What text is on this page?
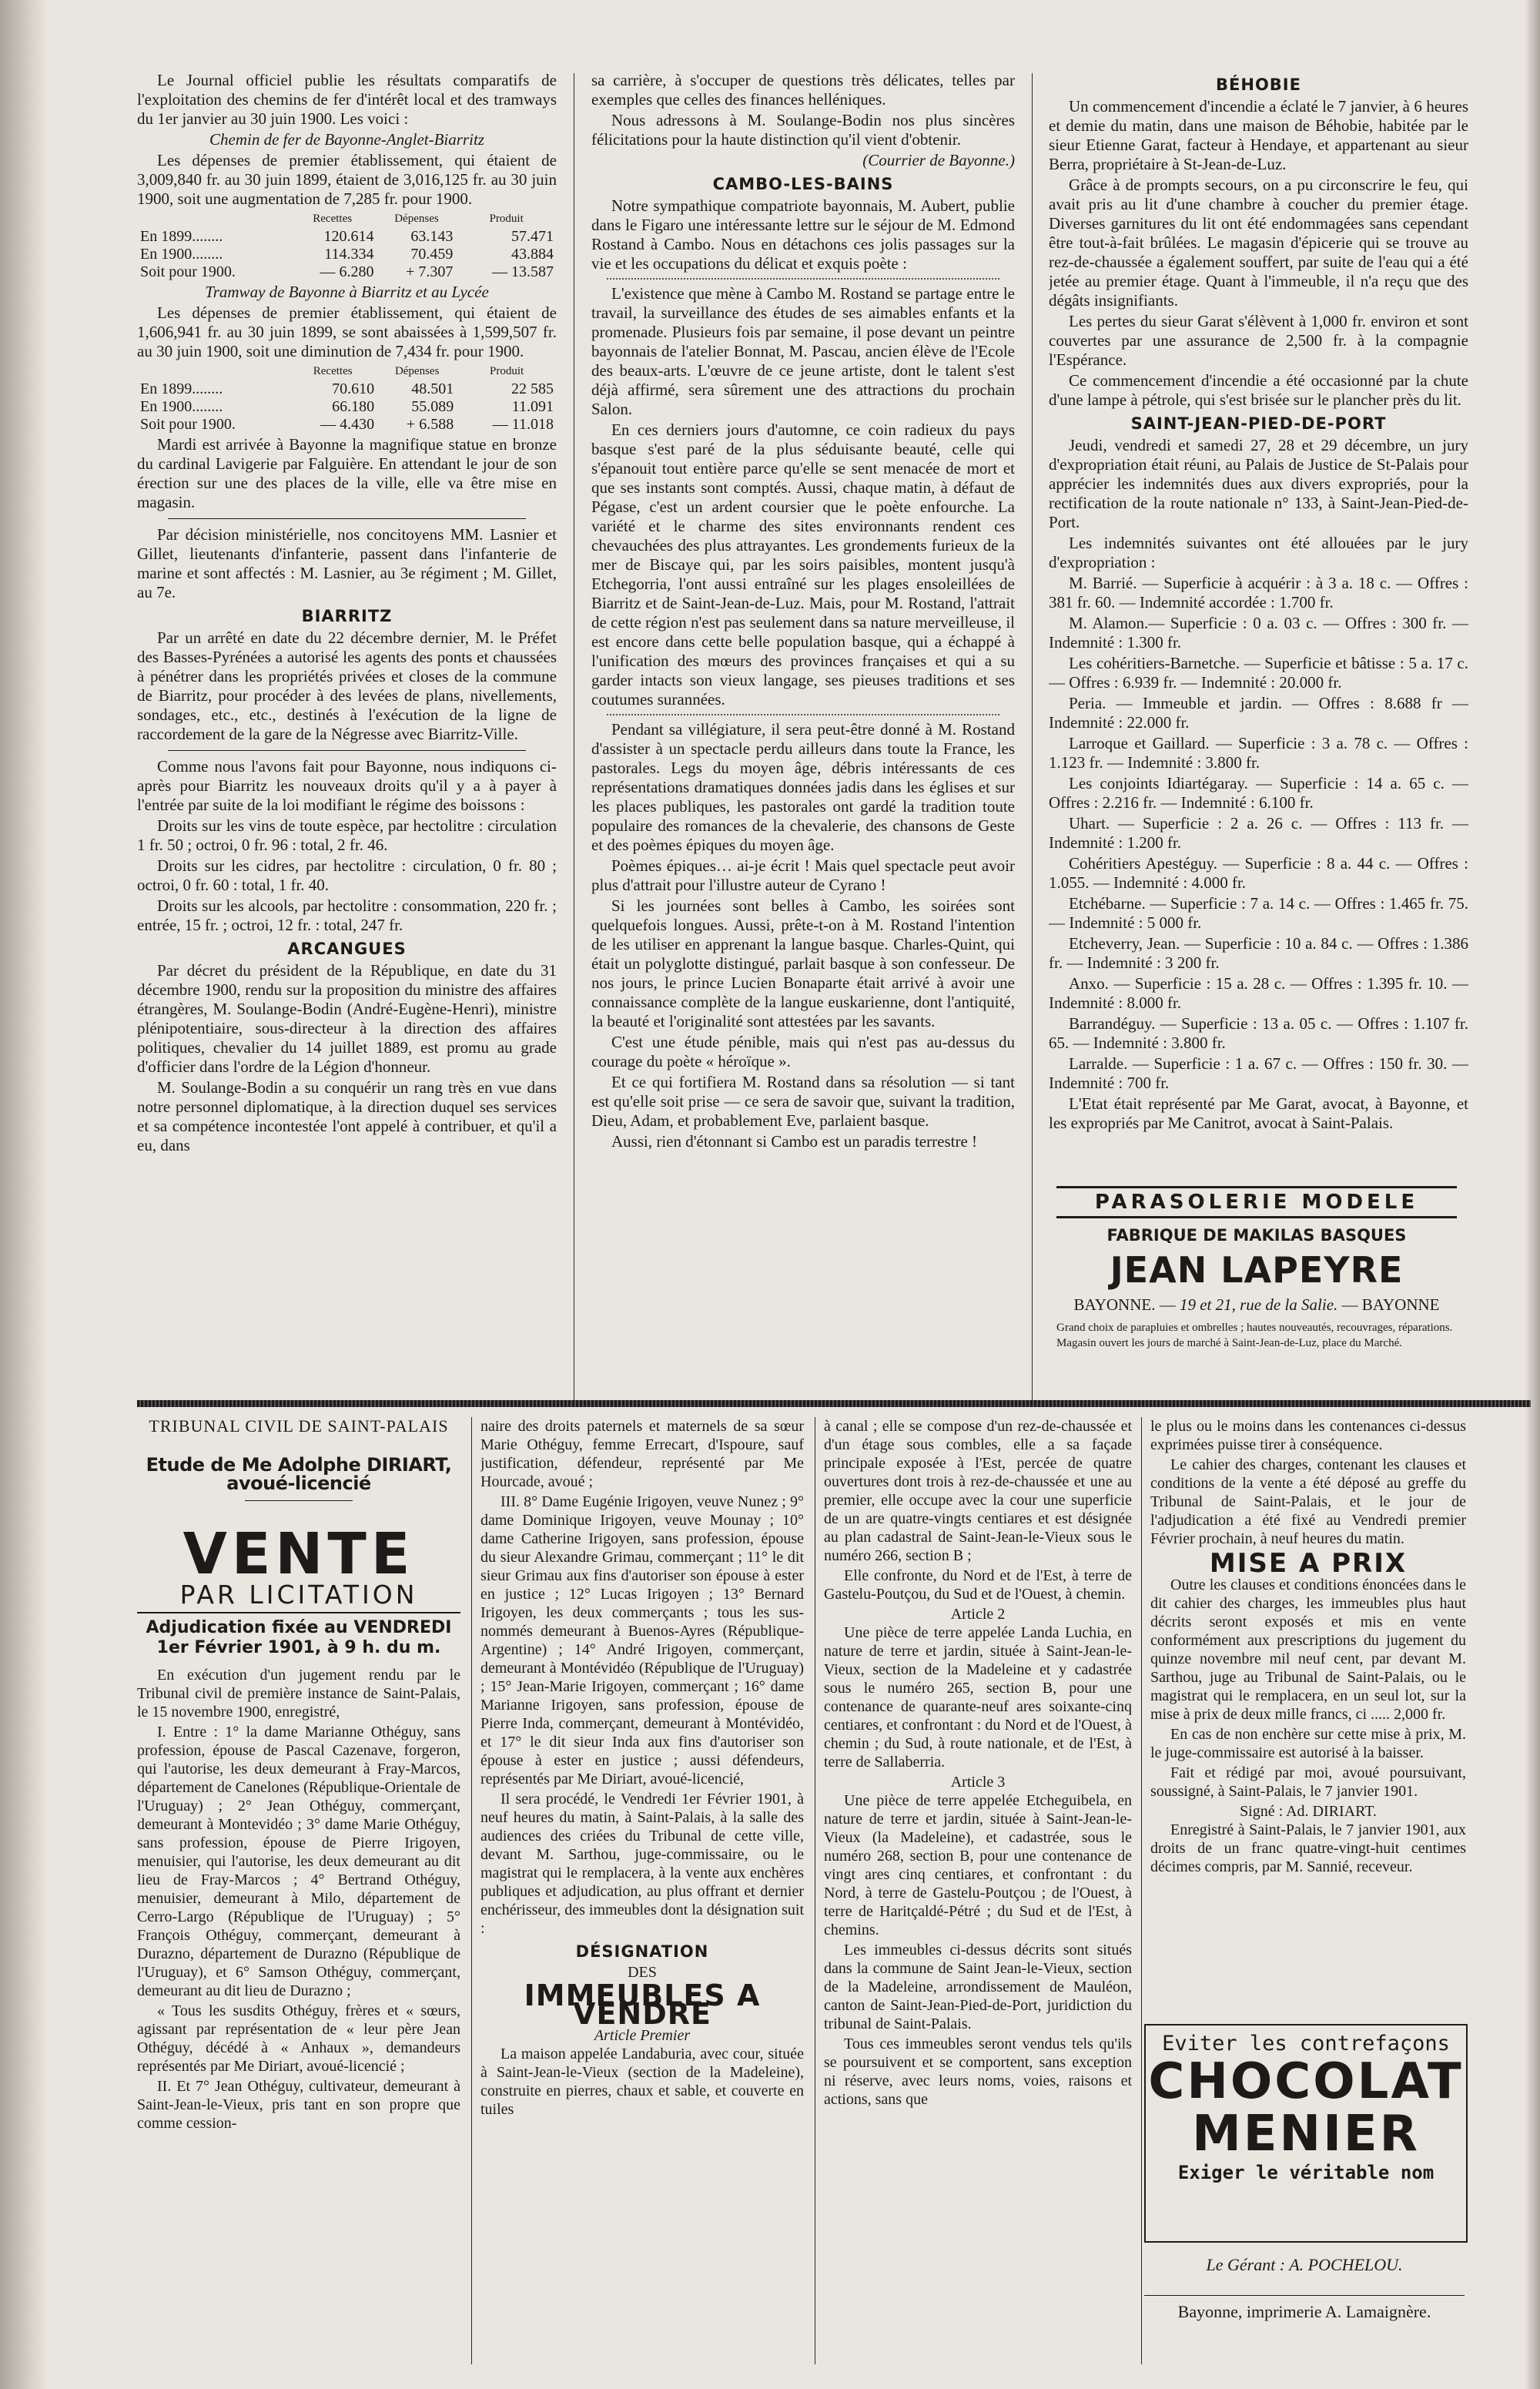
Le Journal officiel publie les résultats comparatifs de l'exploitation des chemins de fer d'intérêt local et des tramways du 1er janvier au 30 juin 1900. Les voici :

Chemin de fer de Bayonne-Anglet-Biarritz

Les dépenses de premier établissement, qui étaient de 3,009,840 fr. au 30 juin 1899, étaient de 3,016,125 fr. au 30 juin 1900, soit une augmentation de 7,285 fr. pour 1900.

	Recettes	Dépenses	Produit
En 1899........	120.614	63.143	57.471
En 1900........	114.334	70.459	43.884
Soit pour 1900.	— 6.280	+ 7.307	— 13.587
Tramway de Bayonne à Biarritz et au Lycée

Les dépenses de premier établissement, qui étaient de 1,606,941 fr. au 30 juin 1899, se sont abaissées à 1,599,507 fr. au 30 juin 1900, soit une diminution de 7,434 fr. pour 1900.

	Recettes	Dépenses	Produit
En 1899........	70.610	48.501	22 585
En 1900........	66.180	55.089	11.091
Soit pour 1900.	— 4.430	+ 6.588	— 11.018

Mardi est arrivée à Bayonne la magnifique statue en bronze du cardinal Lavigerie par Falguière. En attendant le jour de son érection sur une des places de la ville, elle va être mise en magasin.

Par décision ministérielle, nos concitoyens MM. Lasnier et Gillet, lieutenants d'infanterie, passent dans l'infanterie de marine et sont affectés : M. Lasnier, au 3e régiment ; M. Gillet, au 7e.

BIARRITZ

Par un arrêté en date du 22 décembre dernier, M. le Préfet des Basses-Pyrénées a autorisé les agents des ponts et chaussées à pénétrer dans les propriétés privées et closes de la commune de Biarritz, pour procéder à des levées de plans, nivellements, sondages, etc., etc., destinés à l'exécution de la ligne de raccordement de la gare de la Négresse avec Biarritz-Ville.

Comme nous l'avons fait pour Bayonne, nous indiquons ci-après pour Biarritz les nouveaux droits qu'il y a à payer à l'entrée par suite de la loi modifiant le régime des boissons :

Droits sur les vins de toute espèce, par hectolitre : circulation 1 fr. 50 ; octroi, 0 fr. 96 : total, 2 fr. 46.

Droits sur les cidres, par hectolitre : circulation, 0 fr. 80 ; octroi, 0 fr. 60 : total, 1 fr. 40.

Droits sur les alcools, par hectolitre : consommation, 220 fr. ; entrée, 15 fr. ; octroi, 12 fr. : total, 247 fr.

ARCANGUES

Par décret du président de la République, en date du 31 décembre 1900, rendu sur la proposition du ministre des affaires étrangères, M. Soulange-Bodin (André-Eugène-Henri), ministre plénipotentiaire, sous-directeur à la direction des affaires politiques, chevalier du 14 juillet 1889, est promu au grade d'officier dans l'ordre de la Légion d'honneur.

M. Soulange-Bodin a su conquérir un rang très en vue dans notre personnel diplomatique, à la direction duquel ses services et sa compétence incontestée l'ont appelé à contribuer, et qu'il a eu, dans

sa carrière, à s'occuper de questions très délicates, telles par exemples que celles des finances helléniques.

Nous adressons à M. Soulange-Bodin nos plus sincères félicitations pour la haute distinction qu'il vient d'obtenir.

(Courrier de Bayonne.)
CAMBO-LES-BAINS

Notre sympathique compatriote bayonnais, M. Aubert, publie dans le Figaro une intéressante lettre sur le séjour de M. Edmond Rostand à Cambo. Nous en détachons ces jolis passages sur la vie et les occupations du délicat et exquis poète :

L'existence que mène à Cambo M. Rostand se partage entre le travail, la surveillance des études de ses aimables enfants et la promenade. Plusieurs fois par semaine, il pose devant un peintre bayonnais de l'atelier Bonnat, M. Pascau, ancien élève de l'Ecole des beaux-arts. L'œuvre de ce jeune artiste, dont le talent s'est déjà affirmé, sera sûrement une des attractions du prochain Salon.

En ces derniers jours d'automne, ce coin radieux du pays basque s'est paré de la plus séduisante beauté, celle qui s'épanouit tout entière parce qu'elle se sent menacée de mort et que ses instants sont comptés. Aussi, chaque matin, à défaut de Pégase, c'est un ardent coursier que le poète enfourche. La variété et le charme des sites environnants rendent ces chevauchées des plus attrayantes. Les grondements furieux de la mer de Biscaye qui, par les soirs paisibles, montent jusqu'à Etchegorria, l'ont aussi entraîné sur les plages ensoleillées de Biarritz et de Saint-Jean-de-Luz. Mais, pour M. Rostand, l'attrait de cette région n'est pas seulement dans sa nature merveilleuse, il est encore dans cette belle population basque, qui a échappé à l'unification des mœurs des provinces françaises et qui a su garder intacts son vieux langage, ses pieuses traditions et ses coutumes surannées.

Pendant sa villégiature, il sera peut-être donné à M. Rostand d'assister à un spectacle perdu ailleurs dans toute la France, les pastorales. Legs du moyen âge, débris intéressants de ces représentations dramatiques données jadis dans les églises et sur les places publiques, les pastorales ont gardé la tradition toute populaire des romances de la chevalerie, des chansons de Geste et des poèmes épiques du moyen âge.

Poèmes épiques… ai-je écrit ! Mais quel spectacle peut avoir plus d'attrait pour l'illustre auteur de Cyrano !

Si les journées sont belles à Cambo, les soirées sont quelquefois longues. Aussi, prête-t-on à M. Rostand l'intention de les utiliser en apprenant la langue basque. Charles-Quint, qui était un polyglotte distingué, parlait basque à son confesseur. De nos jours, le prince Lucien Bonaparte était arrivé à avoir une connaissance complète de la langue euskarienne, dont l'antiquité, la beauté et l'originalité sont attestées par les savants.

C'est une étude pénible, mais qui n'est pas au-dessus du courage du poète « héroïque ».

Et ce qui fortifiera M. Rostand dans sa résolution — si tant est qu'elle soit prise — ce sera de savoir que, suivant la tradition, Dieu, Adam, et probablement Eve, parlaient basque.

Aussi, rien d'étonnant si Cambo est un paradis terrestre !

BÉHOBIE

Un commencement d'incendie a éclaté le 7 janvier, à 6 heures et demie du matin, dans une maison de Béhobie, habitée par le sieur Etienne Garat, facteur à Hendaye, et appartenant au sieur Berra, propriétaire à St-Jean-de-Luz.

Grâce à de prompts secours, on a pu circonscrire le feu, qui avait pris au lit d'une chambre à coucher du premier étage. Diverses garnitures du lit ont été endommagées sans cependant être tout-à-fait brûlées. Le magasin d'épicerie qui se trouve au rez-de-chaussée a également souffert, par suite de l'eau qui a été jetée au premier étage. Quant à l'immeuble, il n'a reçu que des dégâts insignifiants.

Les pertes du sieur Garat s'élèvent à 1,000 fr. environ et sont couvertes par une assurance de 2,500 fr. à la compagnie l'Espérance.

Ce commencement d'incendie a été occasionné par la chute d'une lampe à pétrole, qui s'est brisée sur le plancher près du lit.

SAINT-JEAN-PIED-DE-PORT

Jeudi, vendredi et samedi 27, 28 et 29 décembre, un jury d'expropriation était réuni, au Palais de Justice de St-Palais pour apprécier les indemnités dues aux divers expropriés, pour la rectification de la route nationale n° 133, à Saint-Jean-Pied-de-Port.

Les indemnités suivantes ont été allouées par le jury d'expropriation :

M. Barrié. — Superficie à acquérir : à 3 a. 18 c. — Offres : 381 fr. 60. — Indemnité accordée : 1.700 fr.

M. Alamon.— Superficie : 0 a. 03 c. — Offres : 300 fr. — Indemnité : 1.300 fr.

Les cohéritiers-Barnetche. — Superficie et bâtisse : 5 a. 17 c. — Offres : 6.939 fr. — Indemnité : 20.000 fr.

Peria. — Immeuble et jardin. — Offres : 8.688 fr — Indemnité : 22.000 fr.

Larroque et Gaillard. — Superficie : 3 a. 78 c. — Offres : 1.123 fr. — Indemnité : 3.800 fr.

Les conjoints Idiartégaray. — Superficie : 14 a. 65 c. — Offres : 2.216 fr. — Indemnité : 6.100 fr.

Uhart. — Superficie : 2 a. 26 c. — Offres : 113 fr. — Indemnité : 1.200 fr.

Cohéritiers Apestéguy. — Superficie : 8 a. 44 c. — Offres : 1.055. — Indemnité : 4.000 fr.

Etchébarne. — Superficie : 7 a. 14 c. — Offres : 1.465 fr. 75. — Indemnité : 5 000 fr.

Etcheverry, Jean. — Superficie : 10 a. 84 c. — Offres : 1.386 fr. — Indemnité : 3 200 fr.

Anxo. — Superficie : 15 a. 28 c. — Offres : 1.395 fr. 10. — Indemnité : 8.000 fr.

Barrandéguy. — Superficie : 13 a. 05 c. — Offres : 1.107 fr. 65. — Indemnité : 3.800 fr.

Larralde. — Superficie : 1 a. 67 c. — Offres : 150 fr. 30. — Indemnité : 700 fr.

L'Etat était représenté par Me Garat, avocat, à Bayonne, et les expropriés par Me Canitrot, avocat à Saint-Palais.

PARASOLERIE MODELE
FABRIQUE DE MAKILAS BASQUES
JEAN LAPEYRE
BAYONNE. — 19 et 21, rue de la Salie. — BAYONNE
Grand choix de parapluies et ombrelles ; hautes nouveautés, recouvrages, réparations.
Magasin ouvert les jours de marché à Saint-Jean-de-Luz, place du Marché.
TRIBUNAL CIVIL DE SAINT-PALAIS
Etude de Me Adolphe DIRIART, avoué-licencié
VENTE
PAR LICITATION
Adjudication fixée au VENDREDI 1er Février 1901, à 9 h. du m.

En exécution d'un jugement rendu par le Tribunal civil de première instance de Saint-Palais, le 15 novembre 1900, enregistré,

I. Entre : 1° la dame Marianne Othéguy, sans profession, épouse de Pascal Cazenave, forgeron, qui l'autorise, les deux demeurant à Fray-Marcos, département de Canelones (République-Orientale de l'Uruguay) ; 2° Jean Othéguy, commerçant, demeurant à Montevidéo ; 3° dame Marie Othéguy, sans profession, épouse de Pierre Irigoyen, menuisier, qui l'autorise, les deux demeurant au dit lieu de Fray-Marcos ; 4° Bertrand Othéguy, menuisier, demeurant à Milo, département de Cerro-Largo (République de l'Uruguay) ; 5° François Othéguy, commerçant, demeurant à Durazno, département de Durazno (République de l'Uruguay), et 6° Samson Othéguy, commerçant, demeurant au dit lieu de Durazno ;

« Tous les susdits Othéguy, frères et « sœurs, agissant par représentation de « leur père Jean Othéguy, décédé à « Anhaux », demandeurs représentés par Me Diriart, avoué-licencié ;

II. Et 7° Jean Othéguy, cultivateur, demeurant à Saint-Jean-le-Vieux, pris tant en son propre que comme cession-

naire des droits paternels et maternels de sa sœur Marie Othéguy, femme Errecart, d'Ispoure, sauf justification, défendeur, représenté par Me Hourcade, avoué ;

III. 8° Dame Eugénie Irigoyen, veuve Nunez ; 9° dame Dominique Irigoyen, veuve Mounay ; 10° dame Catherine Irigoyen, sans profession, épouse du sieur Alexandre Grimau, commerçant ; 11° le dit sieur Grimau aux fins d'autoriser son épouse à ester en justice ; 12° Lucas Irigoyen ; 13° Bernard Irigoyen, les deux commerçants ; tous les sus-nommés demeurant à Buenos-Ayres (République-Argentine) ; 14° André Irigoyen, commerçant, demeurant à Montévidéo (République de l'Uruguay) ; 15° Jean-Marie Irigoyen, commerçant ; 16° dame Marianne Irigoyen, sans profession, épouse de Pierre Inda, commerçant, demeurant à Montévidéo, et 17° le dit sieur Inda aux fins d'autoriser son épouse à ester en justice ; aussi défendeurs, représentés par Me Diriart, avoué-licencié,

Il sera procédé, le Vendredi 1er Février 1901, à neuf heures du matin, à Saint-Palais, à la salle des audiences des criées du Tribunal de cette ville, devant M. Sarthou, juge-commissaire, ou le magistrat qui le remplacera, à la vente aux enchères publiques et adjudication, au plus offrant et dernier enchérisseur, des immeubles dont la désignation suit :

DÉSIGNATION
DES
IMMEUBLES A VENDRE
Article Premier

La maison appelée Landaburia, avec cour, située à Saint-Jean-le-Vieux (section de la Madeleine), construite en pierres, chaux et sable, et couverte en tuiles

à canal ; elle se compose d'un rez-de-chaussée et d'un étage sous combles, elle a sa façade principale exposée à l'Est, percée de quatre ouvertures dont trois à rez-de-chaussée et une au premier, elle occupe avec la cour une superficie de un are quatre-vingts centiares et est désignée au plan cadastral de Saint-Jean-le-Vieux sous le numéro 266, section B ;

Elle confronte, du Nord et de l'Est, à terre de Gastelu-Poutçou, du Sud et de l'Ouest, à chemin.

Article 2

Une pièce de terre appelée Landa Luchia, en nature de terre et jardin, située à Saint-Jean-le-Vieux, section de la Madeleine et y cadastrée sous le numéro 265, section B, pour une contenance de quarante-neuf ares soixante-cinq centiares, et confrontant : du Nord et de l'Ouest, à chemin ; du Sud, à route nationale, et de l'Est, à terre de Sallaberria.

Article 3

Une pièce de terre appelée Etcheguibela, en nature de terre et jardin, située à Saint-Jean-le-Vieux (la Madeleine), et cadastrée, sous le numéro 268, section B, pour une contenance de vingt ares cinq centiares, et confrontant : du Nord, à terre de Gastelu-Poutçou ; de l'Ouest, à terre de Haritçaldé-Pétré ; du Sud et de l'Est, à chemins.

Les immeubles ci-dessus décrits sont situés dans la commune de Saint Jean-le-Vieux, section de la Madeleine, arrondissement de Mauléon, canton de Saint-Jean-Pied-de-Port, juridiction du tribunal de Saint-Palais.

Tous ces immeubles seront vendus tels qu'ils se poursuivent et se comportent, sans exception ni réserve, avec leurs noms, voies, raisons et actions, sans que

le plus ou le moins dans les contenances ci-dessus exprimées puisse tirer à conséquence.

Le cahier des charges, contenant les clauses et conditions de la vente a été déposé au greffe du Tribunal de Saint-Palais, et le jour de l'adjudication a été fixé au Vendredi premier Février prochain, à neuf heures du matin.

MISE A PRIX

Outre les clauses et conditions énoncées dans le dit cahier des charges, les immeubles plus haut décrits seront exposés et mis en vente conformément aux prescriptions du jugement du quinze novembre mil neuf cent, par devant M. Sarthou, juge au Tribunal de Saint-Palais, ou le magistrat qui le remplacera, en un seul lot, sur la mise à prix de deux mille francs, ci ..... 2,000 fr.

En cas de non enchère sur cette mise à prix, M. le juge-commissaire est autorisé à la baisser.

Fait et rédigé par moi, avoué poursuivant, soussigné, à Saint-Palais, le 7 janvier 1901.

Signé : Ad. DIRIART.

Enregistré à Saint-Palais, le 7 janvier 1901, aux droits de un franc quatre-vingt-huit centimes décimes compris, par M. Sannié, receveur.

Eviter les contrefaçons
CHOCOLAT
MENIER
Exiger le véritable nom
Le Gérant : A. POCHELOU.
Bayonne, imprimerie A. Lamaignère.
